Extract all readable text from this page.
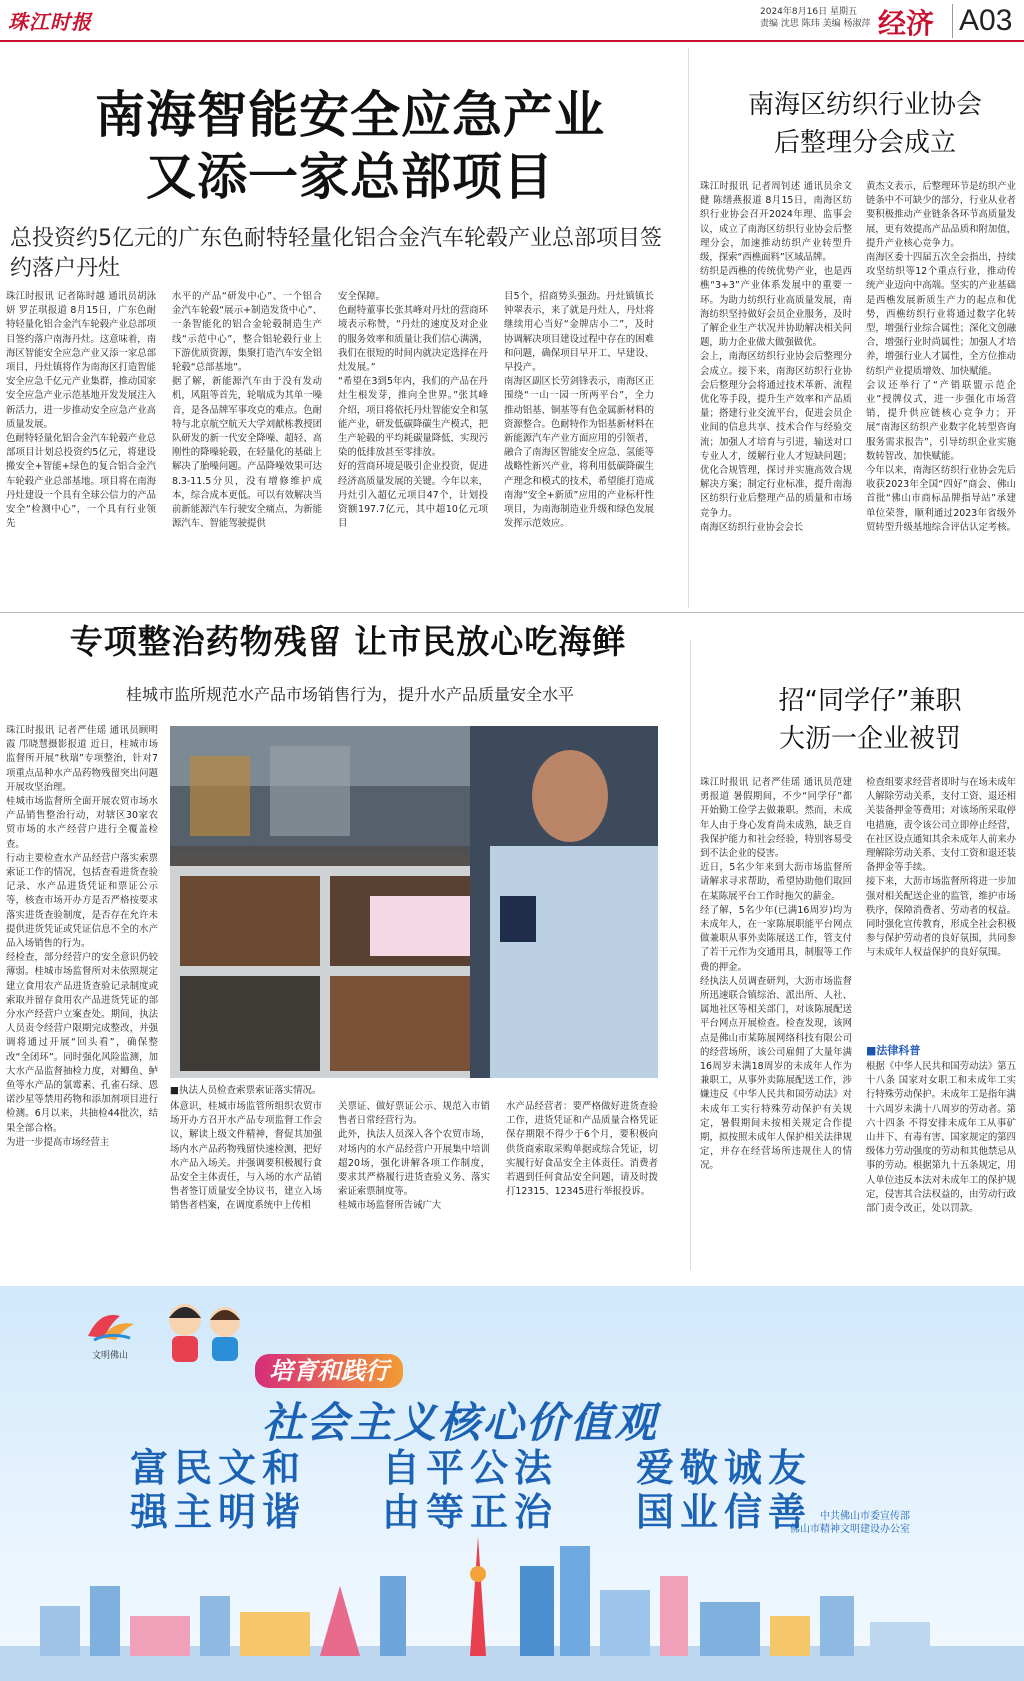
珠江时报	2024年8月16日 星期五
责编 沈思 陈玮 美编 杨淑萍 经济 A03
南海智能安全应急产业
又添一家总部项目
总投资约5亿元的广东色耐特轻量化铝合金汽车轮毂产业总部项目签约落户丹灶
珠江时报讯 记者陈时越 通讯员胡泳妍 罗芷琪报道 8月15日，广东色耐特轻量化铝合金汽车轮毂产业总部项目签约落户南海丹灶。这意味着，南海区智能安全应急产业又添一家总部项目，丹灶镇将作为南海区打造智能安全应急千亿元产业集群，推动国家安全应急产业示范基地开发发展注入新活力，进一步推动安全应急产业高质量发展。
色耐特轻量化铝合金汽车轮毂产业总部项目计划总投资约5亿元，将建设搬安全+智能+绿色的复合铝合金汽车轮毂产业总部基地。项目将在南海丹灶建设一个具有全球公信力的产品安全“检测中心”，一个具有行业领先
水平的产品“研发中心”、一个铝合金汽车轮毂“展示+制造发货中心”、一条智能化的铝合金轮毂制造生产线“示范中心”，整合铝轮毂行业上下游优质资源，集聚打造汽车安全铝轮毂“总部基地”。
据了解，新能源汽车由于没有发动机，风阻等首先，轮喘成为其单一噪音，是各品牌军事攻克的难点。色耐特与北京航空航天大学刘献栋教授团队研发的新一代安全降噪、超轻、高刚性的降噪轮毂，在轻量化的基础上解决了胎噪问题。产品降噪效果可达8.3-11.5分贝，没有增修维护成本，综合成本更低。可以有效解决当前新能源汽车行驶安全痛点，为新能源汽车、智能驾驶提供
安全保障。
色耐特董事长张其峰对丹灶的营商环境表示称赞，“丹灶的速度及对企业的服务效率和质量让我们信心满满，我们在很短的时间内就决定选择在丹灶发展。”
“希望在3到5年内，我们的产品在丹灶生根发芽，推向全世界。”张其峰介绍，项目将依托丹灶智能安全和氢能产业，研发低碳降碳生产模式，把生产轮毂的平均耗碳量降低，实现污染的低排放甚至零排放。
好的营商环境是吸引企业投资，促进经济高质量发展的关键。今年以来，丹灶引入超亿元项目47个，计划投资额197.7亿元，其中超10亿元项目
目5个，招商势头强劲。丹灶镇镇长钟翠表示，来了就是丹灶人，丹灶将继续用心当好“金牌店小二”，及时协调解决项目建设过程中存在的困难和问题，确保项目早开工、早建设、早投产。
南海区副区长劳剑锋表示，南海区正围绕“一山一园一所两平台”，全力推动铝基、铜基等有色金属新材料的资源整合。色耐特作为铝基新材料在新能源汽车产业方面应用的引领者，融合了南海区智能安全应急、氢能等战略性新兴产业，将利用低碳降碳生产理念和模式的技术，希望能打造成南海“安全+新质”应用的产业标杆性项目，为南海制造业升级和绿色发展发挥示范效应。
南海区纺织行业协会
后整理分会成立
珠江时报讯 记者周钊述 通讯员余文健 陈缮燕报道 8月15日，南海区纺织行业协会召开2024年理、监事会议，成立了南海区纺织行业协会后整理分会，加速推动纺织产业转型升级，探索“西樵面料”区域品牌。
纺织是西樵的传统优势产业，也是西樵“3+3”产业体系发展中的重要一环。为助力纺织行业高质量发展，南海纺织坚持做好会员企业服务，及时了解企业生产状况并协助解决相关问题，助力企业做大做强做优。
会上，南海区纺织行业协会后整理分会成立。接下来，南海区纺织行业协会后整理分会将通过技术革新、流程优化等手段，提升生产效率和产品质量；搭建行业交流平台，促进会员企业间的信息共享、技术合作与经验交流；加强人才培育与引进，输送对口专业人才，缓解行业人才短缺问题；优化合规管理，探讨并实施高效合规解决方案；制定行业标准，提升南海区纺织行业后整理产品的质量和市场竞争力。
南海区纺织行业协会会长
黄杰文表示，后整理环节是纺织产业链条中不可缺少的部分，行业从业者要积极推动产业链条各环节高质量发展，更有效提高产品品质和附加值，提升产业核心竞争力。
南海区委十四届五次全会指出，持续攻坚纺织等12个重点行业，推动传统产业迈向中高端。坚实的产业基础是西樵发展新质生产力的起点和优势，西樵纺织行业将通过数字化转型，增强行业综合属性；深化文创融合，增强行业时尚属性；加强人才培养，增强行业人才属性，全方位推动纺织产业提质增效、加快赋能。
会议还举行了“产销联盟示范企业”授牌仪式，进一步强化市场营销，提升供应链核心竞争力；开展“南海区纺织产业数字化转型咨询服务需求报告”，引导纺织企业实施数转智改、加快赋能。
今年以来，南海区纺织行业协会先后收获2023年全国“四好”商会、佛山首批“佛山市商标品牌指导站”承建单位荣誉，顺利通过2023年省级外贸转型升级基地综合评估认定考核。
专项整治药物残留 让市民放心吃海鲜
桂城市监所规范水产品市场销售行为，提升水产品质量安全水平
珠江时报讯 记者严佳瑶 通讯员顾明霞 邝晓慧摄影报道 近日，桂城市场监督所开展“秋瑞”专项整治，针对7项重点品种水产品药物残留突出问题开展攻坚治理。
桂城市场监督所全面开展农贸市场水产品销售整治行动，对辖区30家农贸市场的水产经营户进行全覆盖检查。
行动主要检查水产品经营户落实索票索证工作的情况，包括查看进货查验记录、水产品进货凭证和票证公示等，核查市场开办方是否严格按要求落实进货查验制度，是否存在允许未提供进货凭证或凭证信息不全的水产品入场销售的行为。
经检查，部分经营户的安全意识仍较薄弱。桂城市场监督所对未依照规定建立食用农产品进货查验记录制度或索取并留存食用农产品进货凭证的部分水产经营户立案查处。期间，执法人员责令经营户限期完成整改，并强调将通过开展“回头看”，确保整改“全闭环”。同时强化风险监测，加大水产品监督抽检力度，对鲫鱼、鲈鱼等水产品的氯霉素、孔雀石绿、恩诺沙星等禁用药物和添加剂项目进行检测。6月以来，共抽检44批次，结果全部合格。
为进一步提高市场经营主
■执法人员检查索票索证落实情况。
体意识，桂城市场监管所组织农贸市场开办方召开水产品专项监督工作会议，解读上级文件精神，督促其加强场内水产品药物残留快速检测，把好水产品入场关。并强调要积极履行食品安全主体责任，与入场的水产品销售者签订质量安全协议书，建立入场销售者档案，在调度系统中上传相
关票证、做好票证公示、规范入市销售者日常经营行为。
此外，执法人员深入各个农贸市场，对场内的水产品经营户开展集中培训超20场，强化讲解各项工作制度，要求其严格履行进货查验义务、落实索证索票制度等。
桂城市场监督所告诫广大
水产品经营者：要严格做好进货查验工作，进货凭证和产品质量合格凭证保存期限不得少于6个月，要积极向供货商索取采购单据或综合凭证，切实履行好食品安全主体责任。消费者若遇到任何食品安全问题，请及时拨打12315、12345进行举报投诉。
招“同学仔”兼职
大沥一企业被罚
珠江时报讯 记者严佳瑶 通讯员范建勇报道 暑假期间，不少“同学仔”都开始勤工俭学去做兼职。然而，未成年人由于身心发育尚未成熟，缺乏自我保护能力和社会经验，特别容易受到不法企业的侵害。
近日，5名少年来到大沥市场监督所请解求寻求帮助，希望协助他们取回在某陈展平台工作时拖欠的薪金。
经了解，5名少年(已满16周岁)均为未成年人，在一家陈展职能平台网点做兼职从事外卖陈展送工作，管支付了若干元作为交通用具，制服等工作费的押金。
经执法人员调查研判，大沥市场监督所迅速联合镇综治、派出所、人社、属地社区等相关部门，对该陈展配送平台网点开展检查。检查发现，该网点是佛山市某陈展网络科技有限公司的经营场所，该公司雇佣了大量年满16周岁未满18周岁的未成年人作为兼职工，从事外卖陈展配送工作，涉嫌违反《中华人民共和国劳动法》对未成年工实行特殊劳动保护有关规定，暑假期间未按相关规定合作提期，拟按照未成年人保护相关法律规定，并存在经营场所违规住人的情况。
检查组要求经营者即时与在场未成年人解除劳动关系，支付工资、退还相关装备押金等费用；对该场所采取停电措施，责令该公司立即停止经营，在社区设点通知其余未成年人前来办理解除劳动关系、支付工资和退还装备押金等手续。
接下来，大沥市场监督所将进一步加强对相关配送企业的监管，维护市场秩序，保障消费者、劳动者的权益。同时强化宣传教育，形成全社会积极参与保护劳动者的良好氛围，共同参与未成年人权益保护的良好氛围。
■法律科普
根据《中华人民共和国劳动法》第五十八条 国家对女职工和未成年工实行特殊劳动保护。未成年工是指年满十六周岁未满十八周岁的劳动者。第六十四条 不得安排未成年工从事矿山井下、有毒有害、国家规定的第四级体力劳动强度的劳动和其他禁忌从事的劳动。根据第九十五条规定，用人单位违反本法对未成年工的保护规定，侵害其合法权益的，由劳动行政部门责令改正，处以罚款。
文明佛山
培育和践行
社会主义核心价值观
富民文和
强主明谐
自平公法
由等正治
爱敬诚友
国业信善 中共佛山市委宣传部
佛山市精神文明建设办公室
